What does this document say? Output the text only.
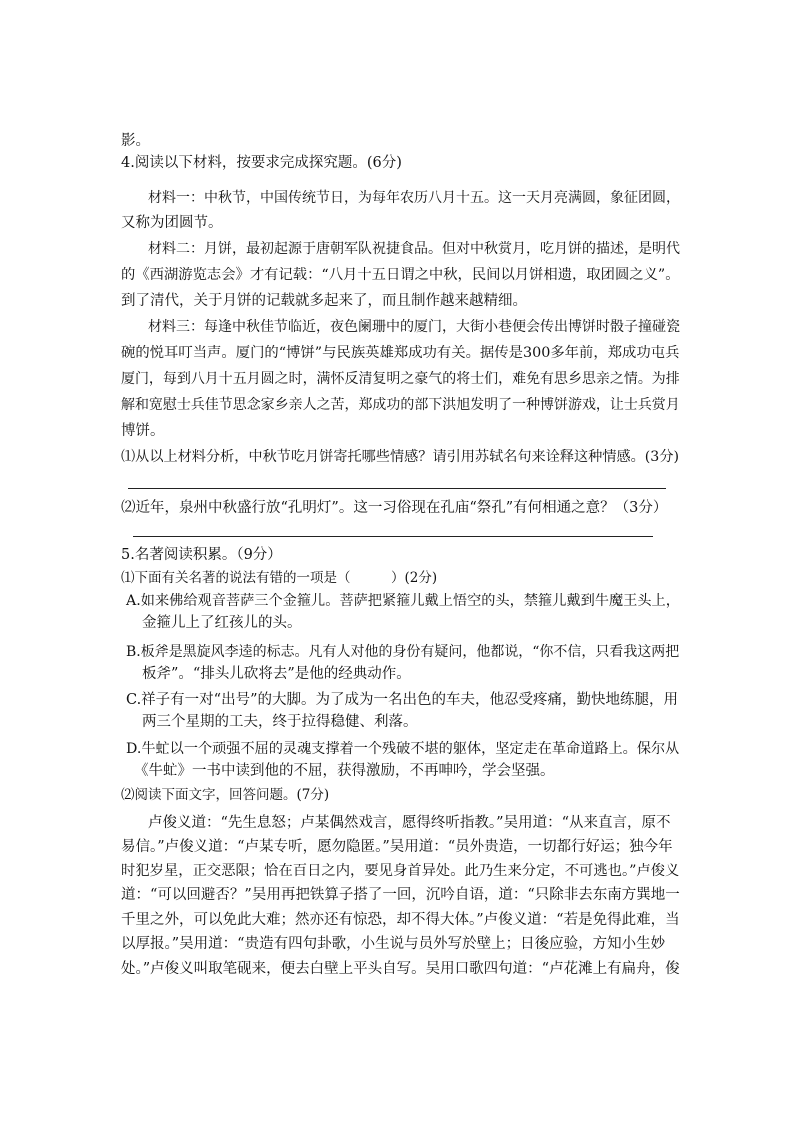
影。
4.阅读以下材料，按要求完成探究题。(6分)
材料一：中秋节，中国传统节日，为每年农历八月十五。这一天月亮满圆，象征团圆，
又称为团圆节。
材料二：月饼，最初起源于唐朝军队祝捷食品。但对中秋赏月，吃月饼的描述，是明代
的《西湖游览志会》才有记载：“八月十五日谓之中秋，民间以月饼相遗，取团圆之义”。
到了清代，关于月饼的记载就多起来了，而且制作越来越精细。
材料三：每逢中秋佳节临近，夜色阑珊中的厦门，大街小巷便会传出博饼时骰子撞碰瓷
碗的悦耳叮当声。厦门的“博饼”与民族英雄郑成功有关。据传是300多年前，郑成功屯兵
厦门，每到八月十五月圆之时，满怀反清复明之豪气的将士们，难免有思乡思亲之情。为排
解和宽慰士兵佳节思念家乡亲人之苦，郑成功的部下洪旭发明了一种博饼游戏，让士兵赏月
博饼。
⑴从以上材料分析，中秋节吃月饼寄托哪些情感？请引用苏轼名句来诠释这种情感。(3分)
⑵近年，泉州中秋盛行放“孔明灯”。这一习俗现在孔庙“祭孔”有何相通之意？（3分）
5.名著阅读积累。（9分）
⑴下面有关名著的说法有错的一项是（　　　）(2分)
A.如来佛给观音菩萨三个金箍儿。菩萨把紧箍儿戴上悟空的头，禁箍儿戴到牛魔王头上，
金箍儿上了红孩儿的头。
B.板斧是黑旋风李逵的标志。凡有人对他的身份有疑问，他都说，“你不信，只看我这两把
板斧”。“排头儿砍将去”是他的经典动作。
C.祥子有一对“出号”的大脚。为了成为一名出色的车夫，他忍受疼痛，勤快地练腿，用
两三个星期的工夫，终于拉得稳健、利落。
D.牛虻以一个顽强不屈的灵魂支撑着一个残破不堪的躯体，坚定走在革命道路上。保尔从
《牛虻》一书中读到他的不屈，获得激励，不再呻吟，学会坚强。
⑵阅读下面文字，回答问题。(7分)
卢俊义道：“先生息怒；卢某偶然戏言，愿得终听指教。”吴用道：“从来直言，原不
易信。”卢俊义道：“卢某专听，愿勿隐匿。”吴用道：“员外贵造，一切都行好运；独今年
时犯岁星，正交恶限；恰在百日之内，要见身首异处。此乃生来分定，不可逃也。”卢俊义
道：“可以回避否？”吴用再把铁算子搭了一回，沉吟自语，道：“只除非去东南方巽地一
千里之外，可以免此大难；然亦还有惊恐，却不得大体。”卢俊义道：“若是免得此难，当
以厚报。”吴用道：“贵造有四句卦歌，小生说与员外写於壁上；日後应验，方知小生妙
处。”卢俊义叫取笔砚来，便去白壁上平头自写。吴用口歌四句道：“卢花滩上有扁舟，俊
